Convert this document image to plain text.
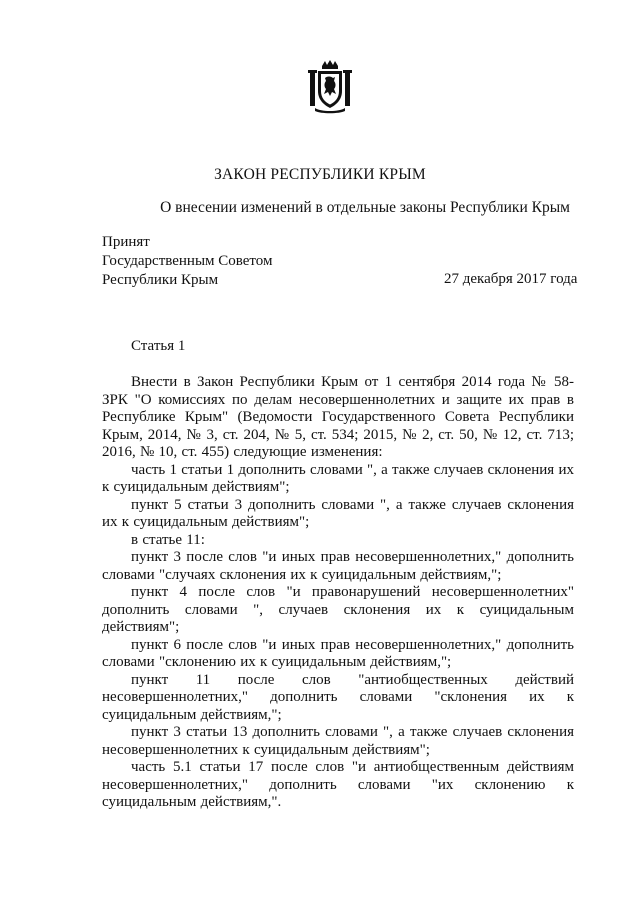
ЗАКОН РЕСПУБЛИКИ КРЫМ
О внесении изменений в отдельные законы Республики Крым
Принят
Государственным Советом
Республики Крым	27 декабря 2017 года
Статья 1

Внести в Закон Республики Крым от 1 сентября 2014 года № 58-ЗРК "О комиссиях по делам несовершеннолетних и защите их прав в Республике Крым" (Ведомости Государственного Совета Республики Крым, 2014, № 3, ст. 204, № 5, ст. 534; 2015, № 2, ст. 50, № 12, ст. 713; 2016, № 10, ст. 455) следующие изменения:

часть 1 статьи 1 дополнить словами ", а также случаев склонения их к суицидальным действиям";

пункт 5 статьи 3 дополнить словами ", а также случаев склонения их к суицидальным действиям";

в статье 11:

пункт 3 после слов "и иных прав несовершеннолетних," дополнить словами "случаях склонения их к суицидальным действиям,";

пункт 4 после слов "и правонарушений несовершеннолетних" дополнить словами ", случаев склонения их к суицидальным действиям";

пункт 6 после слов "и иных прав несовершеннолетних," дополнить словами "склонению их к суицидальным действиям,";

пункт 11 после слов "антиобщественных действий несовершеннолетних," дополнить словами "склонения их к суицидальным действиям,";

пункт 3 статьи 13 дополнить словами ", а также случаев склонения несовершеннолетних к суицидальным действиям";

часть 5.1 статьи 17 после слов "и антиобщественным действиям несовершеннолетних," дополнить словами "их склонению к суицидальным действиям,".
